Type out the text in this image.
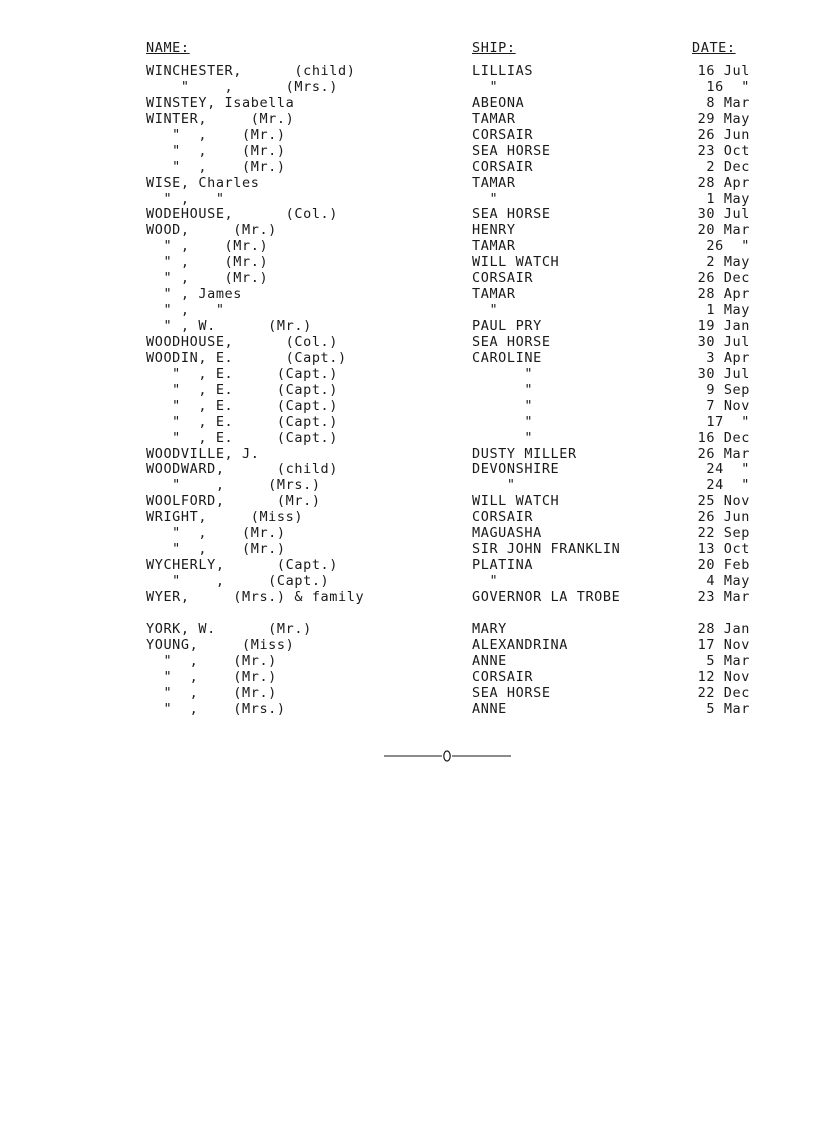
NAME:	SHIP:	DATE:
WINCHESTER,      (child)	LILLIAS	16 Jul
"    ,      (Mrs.)	"	16  "
WINSTEY, Isabella	ABEONA	8 Mar
WINTER,     (Mr.)	TAMAR	29 May
"  ,    (Mr.)	CORSAIR	26 Jun
"  ,    (Mr.)	SEA HORSE	23 Oct
"  ,    (Mr.)	CORSAIR	2 Dec
WISE, Charles	TAMAR	28 Apr
" ,   "	"	1 May
WODEHOUSE,      (Col.)	SEA HORSE	30 Jul
WOOD,     (Mr.)	HENRY	20 Mar
" ,    (Mr.)	TAMAR	26  "
" ,    (Mr.)	WILL WATCH	2 May
" ,    (Mr.)	CORSAIR	26 Dec
" , James	TAMAR	28 Apr
" ,   "	"	1 May
" , W.      (Mr.)	PAUL PRY	19 Jan
WOODHOUSE,      (Col.)	SEA HORSE	30 Jul
WOODIN, E.      (Capt.)	CAROLINE	3 Apr
"  , E.     (Capt.)	"	30 Jul
"  , E.     (Capt.)	"	9 Sep
"  , E.     (Capt.)	"	7 Nov
"  , E.     (Capt.)	"	17  "
"  , E.     (Capt.)	"	16 Dec
WOODVILLE, J.	DUSTY MILLER	26 Mar
WOODWARD,      (child)	DEVONSHIRE	24  "
"    ,     (Mrs.)	"	24  "
WOOLFORD,      (Mr.)	WILL WATCH	25 Nov
WRIGHT,     (Miss)	CORSAIR	26 Jun
"  ,    (Mr.)	MAGUASHA	22 Sep
"  ,    (Mr.)	SIR JOHN FRANKLIN	13 Oct
WYCHERLY,      (Capt.)	PLATINA	20 Feb
"    ,     (Capt.)	"	4 May
WYER,     (Mrs.) & family	GOVERNOR LA TROBE	23 Mar
YORK, W.      (Mr.)	MARY	28 Jan
YOUNG,     (Miss)	ALEXANDRINA	17 Nov
"  ,    (Mr.)	ANNE	5 Mar
"  ,    (Mr.)	CORSAIR	12 Nov
"  ,    (Mr.)	SEA HORSE	22 Dec
"  ,    (Mrs.)	ANNE	5 Mar
